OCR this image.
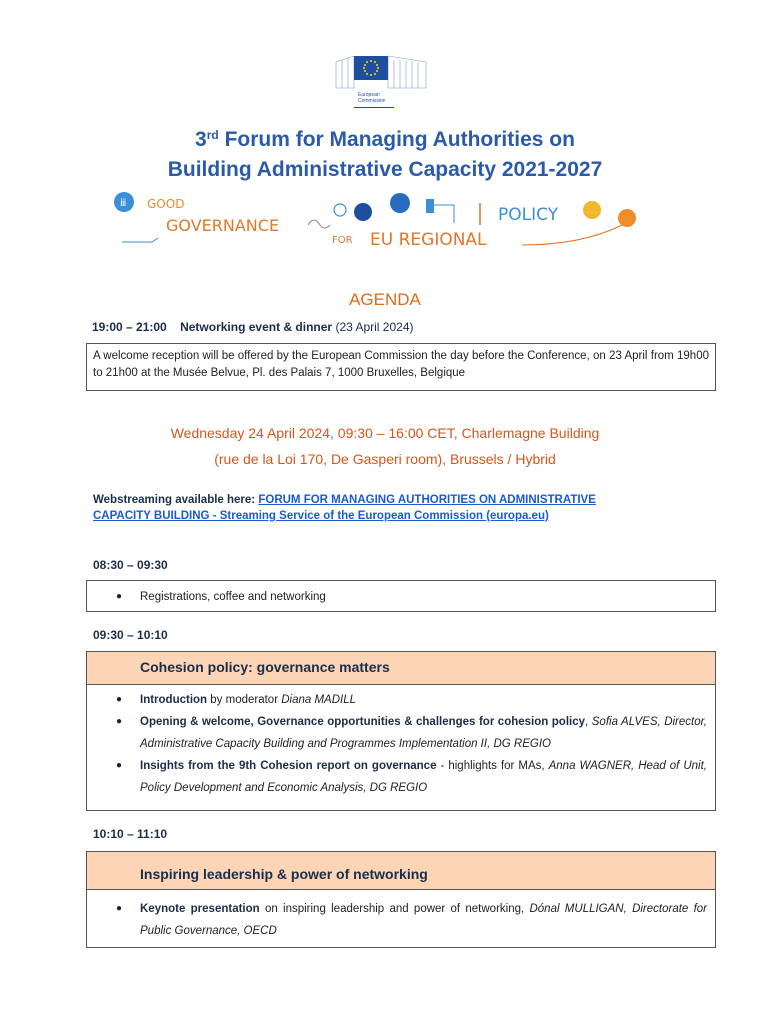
European
Commission
3rd Forum for Managing Authorities on
Building Administrative Capacity 2021-2027
ⅲ GOOD
GOVERNANCE
FOR EU REGIONAL
POLICY
AGENDA
19:00 – 21:00 Networking event & dinner (23 April 2024)
A welcome reception will be offered by the European Commission the day before the Conference, on 23 April from 19h00 to 21h00 at the Musée Belvue, Pl. des Palais 7, 1000 Bruxelles, Belgique
Wednesday 24 April 2024, 09:30 – 16:00 CET, Charlemagne Building
(rue de la Loi 170, De Gasperi room), Brussels / Hybrid
Webstreaming available here: FORUM FOR MANAGING AUTHORITIES ON ADMINISTRATIVE
CAPACITY BUILDING - Streaming Service of the European Commission (europa.eu)
08:30 – 09:30
● Registrations, coffee and networking
09:30 – 10:10
Cohesion policy: governance matters
● Introduction by moderator Diana MADILL
● Opening & welcome, Governance opportunities & challenges for cohesion policy, Sofia ALVES, Director, Administrative Capacity Building and Programmes Implementation II, DG REGIO
● Insights from the 9th Cohesion report on governance - highlights for MAs, Anna WAGNER, Head of Unit, Policy Development and Economic Analysis, DG REGIO
10:10 – 11:10
Inspiring leadership & power of networking
● Keynote presentation on inspiring leadership and power of networking, Dónal MULLIGAN, Directorate for Public Governance, OECD
